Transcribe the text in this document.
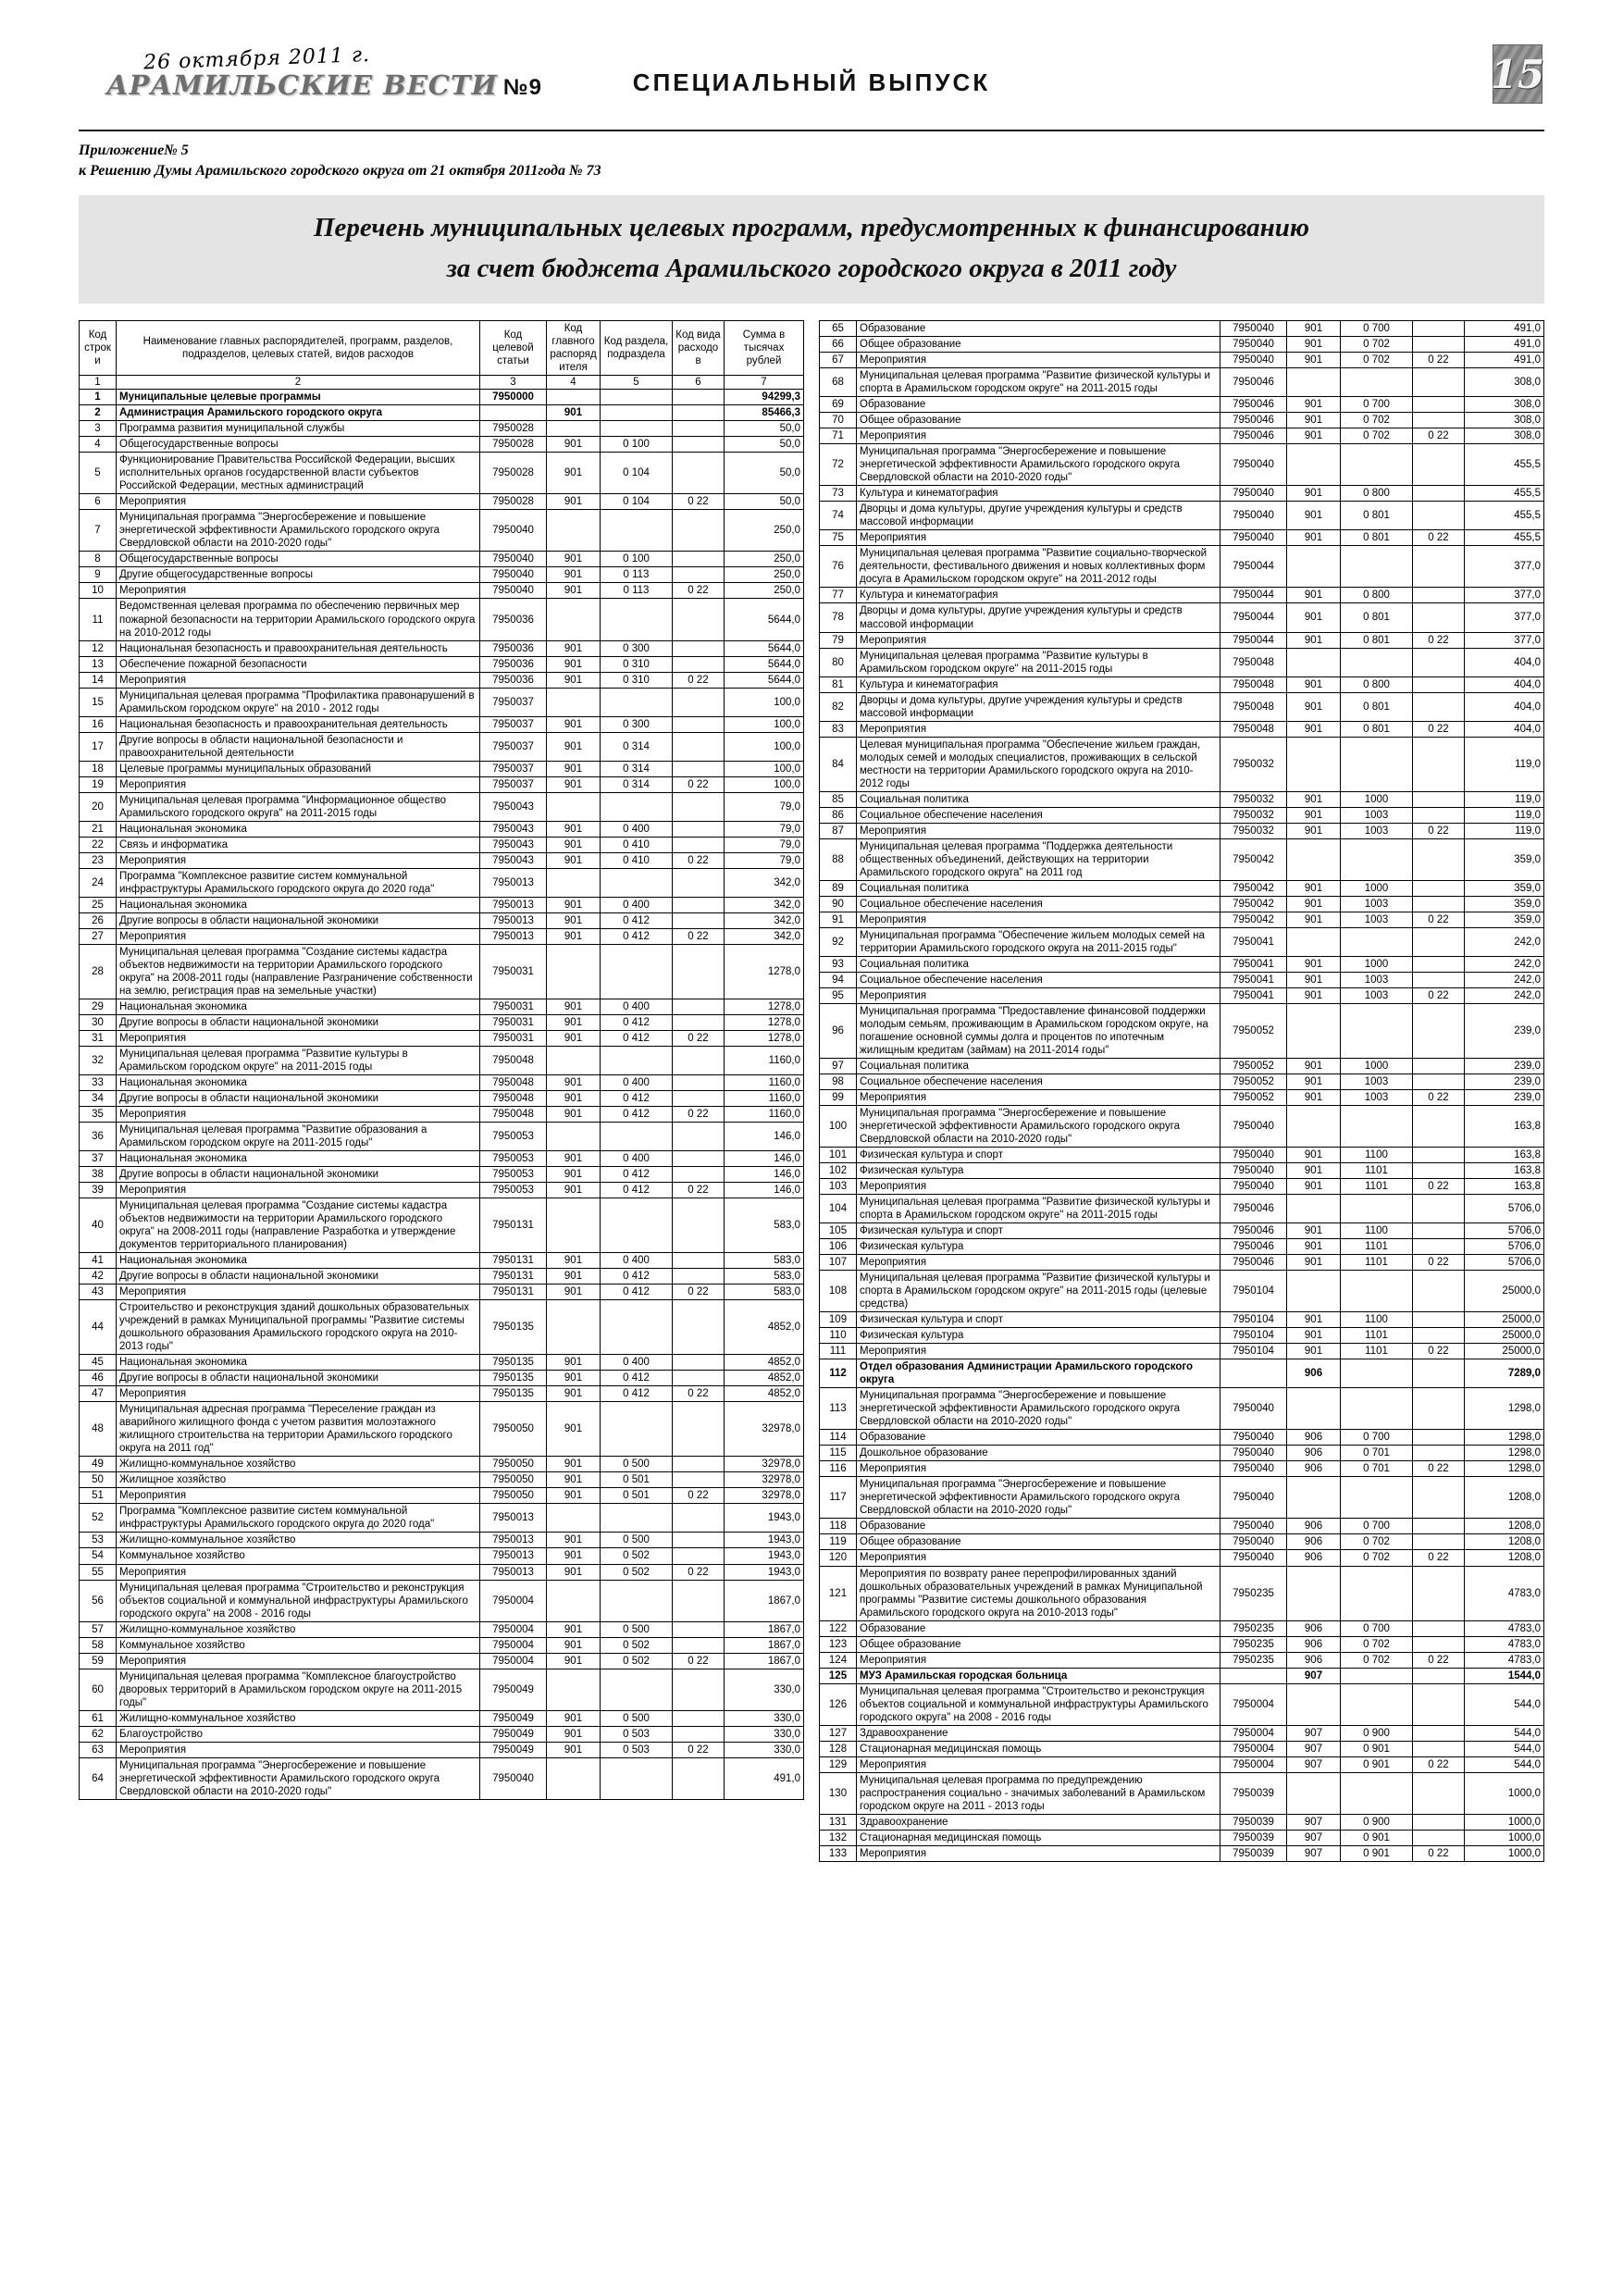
26 октября 2011 г.
АРАМИЛЬСКИЕ ВЕСТИ №9	СПЕЦИАЛЬНЫЙ ВЫПУСК	15
Приложение№ 5
к Решению Думы Арамильского городского округа от 21 октября 2011года № 73
Перечень муниципальных целевых программ, предусмотренных к финансированию
за счет бюджета Арамильского городского округа в 2011 году
Код строки	Наименование главных распорядителей, программ, разделов, подразделов, целевых статей, видов расходов	Код целевой статьи	Код главного распорядителя	Код раздела, подраздела	Код вида расходов	Сумма в тысячах рублей
1	2	3	4	5	6	7
1	Муниципальные целевые программы	7950000				94299,3
2	Администрация Арамильского городского округа		901			85466,3
3	Программа развития муниципальной службы	7950028				50,0
4	Общегосударственные вопросы	7950028	901	0 100		50,0
5	Функционирование Правительства Российской Федерации, высших исполнительных органов государственной власти субъектов Российской Федерации, местных администраций	7950028	901	0 104		50,0
6	Мероприятия	7950028	901	0 104	0 22	50,0
7	Муниципальная программа "Энергосбережение и повышение энергетической эффективности Арамильского городского округа Свердловской области на 2010-2020 годы"	7950040				250,0
8	Общегосударственные вопросы	7950040	901	0 100		250,0
9	Другие общегосударственные вопросы	7950040	901	0 113		250,0
10	Мероприятия	7950040	901	0 113	0 22	250,0
11	Ведомственная целевая программа по обеспечению первичных мер пожарной безопасности на территории Арамильского городского округа на 2010-2012 годы	7950036				5644,0
12	Национальная безопасность и правоохранительная деятельность	7950036	901	0 300		5644,0
13	Обеспечение пожарной безопасности	7950036	901	0 310		5644,0
14	Мероприятия	7950036	901	0 310	0 22	5644,0
15	Муниципальная целевая программа "Профилактика правонарушений в Арамильском городском округе" на 2010 - 2012 годы	7950037				100,0
16	Национальная безопасность и правоохранительная деятельность	7950037	901	0 300		100,0
17	Другие вопросы в области национальной безопасности и правоохранительной деятельности	7950037	901	0 314		100,0
18	Целевые программы муниципальных образований	7950037	901	0 314		100,0
19	Мероприятия	7950037	901	0 314	0 22	100,0
20	Муниципальная целевая программа "Информационное общество Арамильского городского округа" на 2011-2015 годы	7950043				79,0
21	Национальная экономика	7950043	901	0 400		79,0
22	Связь и информатика	7950043	901	0 410		79,0
23	Мероприятия	7950043	901	0 410	0 22	79,0
24	Программа "Комплексное развитие систем коммунальной инфраструктуры Арамильского городского округа до 2020 года"	7950013				342,0
25	Национальная экономика	7950013	901	0 400		342,0
26	Другие вопросы в области национальной экономики	7950013	901	0 412		342,0
27	Мероприятия	7950013	901	0 412	0 22	342,0
28	Муниципальная целевая программа "Создание системы кадастра объектов недвижимости на территории Арамильского городского округа" на 2008-2011 годы (направление Разграничение собственности на землю, регистрация прав на земельные участки)	7950031				1278,0
29	Национальная экономика	7950031	901	0 400		1278,0
30	Другие вопросы в области национальной экономики	7950031	901	0 412		1278,0
31	Мероприятия	7950031	901	0 412	0 22	1278,0
32	Муниципальная целевая программа "Развитие культуры в Арамильском городском округе" на 2011-2015 годы	7950048				1160,0
33	Национальная экономика	7950048	901	0 400		1160,0
34	Другие вопросы в области национальной экономики	7950048	901	0 412		1160,0
35	Мероприятия	7950048	901	0 412	0 22	1160,0
36	Муниципальная целевая программа "Развитие образования а Арамильском городском округе на 2011-2015 годы"	7950053				146,0
37	Национальная экономика	7950053	901	0 400		146,0
38	Другие вопросы в области национальной экономики	7950053	901	0 412		146,0
39	Мероприятия	7950053	901	0 412	0 22	146,0
40	Муниципальная целевая программа "Создание системы кадастра объектов недвижимости на территории Арамильского городского округа" на 2008-2011 годы (направление Разработка и утверждение документов территориального планирования)	7950131				583,0
41	Национальная экономика	7950131	901	0 400		583,0
42	Другие вопросы в области национальной экономики	7950131	901	0 412		583,0
43	Мероприятия	7950131	901	0 412	0 22	583,0
44	Строительство и реконструкция зданий дошкольных образовательных учреждений в рамках Муниципальной программы "Развитие системы дошкольного образования Арамильского городского округа на 2010-2013 годы"	7950135				4852,0
45	Национальная экономика	7950135	901	0 400		4852,0
46	Другие вопросы в области национальной экономики	7950135	901	0 412		4852,0
47	Мероприятия	7950135	901	0 412	0 22	4852,0
48	Муниципальная адресная программа "Переселение граждан из аварийного жилищного фонда с учетом развития молоэтажного жилищного строительства на территории Арамильского городского округа на 2011 год"	7950050	901			32978,0
49	Жилищно-коммунальное хозяйство	7950050	901	0 500		32978,0
50	Жилищное хозяйство	7950050	901	0 501		32978,0
51	Мероприятия	7950050	901	0 501	0 22	32978,0
52	Программа "Комплексное развитие систем коммунальной инфраструктуры Арамильского городского округа до 2020 года"	7950013				1943,0
53	Жилищно-коммунальное хозяйство	7950013	901	0 500		1943,0
54	Коммунальное хозяйство	7950013	901	0 502		1943,0
55	Мероприятия	7950013	901	0 502	0 22	1943,0
56	Муниципальная целевая программа "Строительство и реконструкция объектов социальной и коммунальной инфраструктуры Арамильского городского округа" на 2008 - 2016 годы	7950004				1867,0
57	Жилищно-коммунальное хозяйство	7950004	901	0 500		1867,0
58	Коммунальное хозяйство	7950004	901	0 502		1867,0
59	Мероприятия	7950004	901	0 502	0 22	1867,0
60	Муниципальная целевая программа "Комплексное благоустройство дворовых территорий в Арамильском городском округе на 2011-2015 годы"	7950049				330,0
61	Жилищно-коммунальное хозяйство	7950049	901	0 500		330,0
62	Благоустройство	7950049	901	0 503		330,0
63	Мероприятия	7950049	901	0 503	0 22	330,0
64	Муниципальная программа "Энергосбережение и повышение энергетической эффективности Арамильского городского округа Свердловской области на 2010-2020 годы"	7950040				491,0
65	Образование	7950040	901	0 700		491,0
66	Общее образование	7950040	901	0 702		491,0
67	Мероприятия	7950040	901	0 702	0 22	491,0
68	Муниципальная целевая программа "Развитие физической культуры и спорта в Арамильском городском округе" на 2011-2015 годы	7950046				308,0
69	Образование	7950046	901	0 700		308,0
70	Общее образование	7950046	901	0 702		308,0
71	Мероприятия	7950046	901	0 702	0 22	308,0
72	Муниципальная программа "Энергосбережение и повышение энергетической эффективности Арамильского городского округа Свердловской области на 2010-2020 годы"	7950040				455,5
73	Культура и кинематография	7950040	901	0 800		455,5
74	Дворцы и дома культуры, другие учреждения культуры и средств массовой информации	7950040	901	0 801		455,5
75	Мероприятия	7950040	901	0 801	0 22	455,5
76	Муниципальная целевая программа "Развитие социально-творческой деятельности, фестивального движения и новых коллективных форм досуга в Арамильском городском округе" на 2011-2012 годы	7950044				377,0
77	Культура и кинематография	7950044	901	0 800		377,0
78	Дворцы и дома культуры, другие учреждения культуры и средств массовой информации	7950044	901	0 801		377,0
79	Мероприятия	7950044	901	0 801	0 22	377,0
80	Муниципальная целевая программа "Развитие культуры в Арамильском городском округе" на 2011-2015 годы	7950048				404,0
81	Культура и кинематография	7950048	901	0 800		404,0
82	Дворцы и дома культуры, другие учреждения культуры и средств массовой информации	7950048	901	0 801		404,0
83	Мероприятия	7950048	901	0 801	0 22	404,0
84	Целевая муниципальная программа "Обеспечение жильем граждан, молодых семей и молодых специалистов, проживающих в сельской местности на территории Арамильского городского округа на 2010-2012 годы	7950032				119,0
85	Социальная политика	7950032	901	1000		119,0
86	Социальное обеспечение населения	7950032	901	1003		119,0
87	Мероприятия	7950032	901	1003	0 22	119,0
88	Муниципальная целевая программа "Поддержка деятельности общественных объединений, действующих на территории Арамильского городского округа" на 2011 год	7950042				359,0
89	Социальная политика	7950042	901	1000		359,0
90	Социальное обеспечение населения	7950042	901	1003		359,0
91	Мероприятия	7950042	901	1003	0 22	359,0
92	Муниципальная программа "Обеспечение жильем молодых семей на территории Арамильского городского округа на 2011-2015 годы"	7950041				242,0
93	Социальная политика	7950041	901	1000		242,0
94	Социальное обеспечение населения	7950041	901	1003		242,0
95	Мероприятия	7950041	901	1003	0 22	242,0
96	Муниципальная программа "Предоставление финансовой поддержки молодым семьям, проживающим в Арамильском городском округе, на погашение основной суммы долга и процентов по ипотечным жилищным кредитам (займам) на 2011-2014 годы"	7950052				239,0
97	Социальная политика	7950052	901	1000		239,0
98	Социальное обеспечение населения	7950052	901	1003		239,0
99	Мероприятия	7950052	901	1003	0 22	239,0
100	Муниципальная программа "Энергосбережение и повышение энергетической эффективности Арамильского городского округа Свердловской области на 2010-2020 годы"	7950040				163,8
101	Физическая культура и спорт	7950040	901	1100		163,8
102	Физическая культура	7950040	901	1101		163,8
103	Мероприятия	7950040	901	1101	0 22	163,8
104	Муниципальная целевая программа "Развитие физической культуры и спорта в Арамильском городском округе" на 2011-2015 годы	7950046				5706,0
105	Физическая культура и спорт	7950046	901	1100		5706,0
106	Физическая культура	7950046	901	1101		5706,0
107	Мероприятия	7950046	901	1101	0 22	5706,0
108	Муниципальная целевая программа "Развитие физической культуры и спорта в Арамильском городском округе" на 2011-2015 годы (целевые средства)	7950104				25000,0
109	Физическая культура и спорт	7950104	901	1100		25000,0
110	Физическая культура	7950104	901	1101		25000,0
111	Мероприятия	7950104	901	1101	0 22	25000,0
112	Отдел образования Администрации Арамильского городского округа		906			7289,0
113	Муниципальная программа "Энергосбережение и повышение энергетической эффективности Арамильского городского округа Свердловской области на 2010-2020 годы"	7950040				1298,0
114	Образование	7950040	906	0 700		1298,0
115	Дошкольное образование	7950040	906	0 701		1298,0
116	Мероприятия	7950040	906	0 701	0 22	1298,0
117	Муниципальная программа "Энергосбережение и повышение энергетической эффективности Арамильского городского округа Свердловской области на 2010-2020 годы"	7950040				1208,0
118	Образование	7950040	906	0 700		1208,0
119	Общее образование	7950040	906	0 702		1208,0
120	Мероприятия	7950040	906	0 702	0 22	1208,0
121	Мероприятия по возврату ранее перепрофилированных зданий дошкольных образовательных учреждений в рамках Муниципальной программы "Развитие системы дошкольного образования Арамильского городского округа на 2010-2013 годы"	7950235				4783,0
122	Образование	7950235	906	0 700		4783,0
123	Общее образование	7950235	906	0 702		4783,0
124	Мероприятия	7950235	906	0 702	0 22	4783,0
125	МУЗ Арамильская городская больница		907			1544,0
126	Муниципальная целевая программа "Строительство и реконструкция объектов социальной и коммунальной инфраструктуры Арамильского городского округа" на 2008 - 2016 годы	7950004				544,0
127	Здравоохранение	7950004	907	0 900		544,0
128	Стационарная медицинская помощь	7950004	907	0 901		544,0
129	Мероприятия	7950004	907	0 901	0 22	544,0
130	Муниципальная целевая программа по предупреждению распространения социально - значимых заболеваний в Арамильском городском округе на 2011 - 2013 годы	7950039				1000,0
131	Здравоохранение	7950039	907	0 900		1000,0
132	Стационарная медицинская помощь	7950039	907	0 901		1000,0
133	Мероприятия	7950039	907	0 901	0 22	1000,0
